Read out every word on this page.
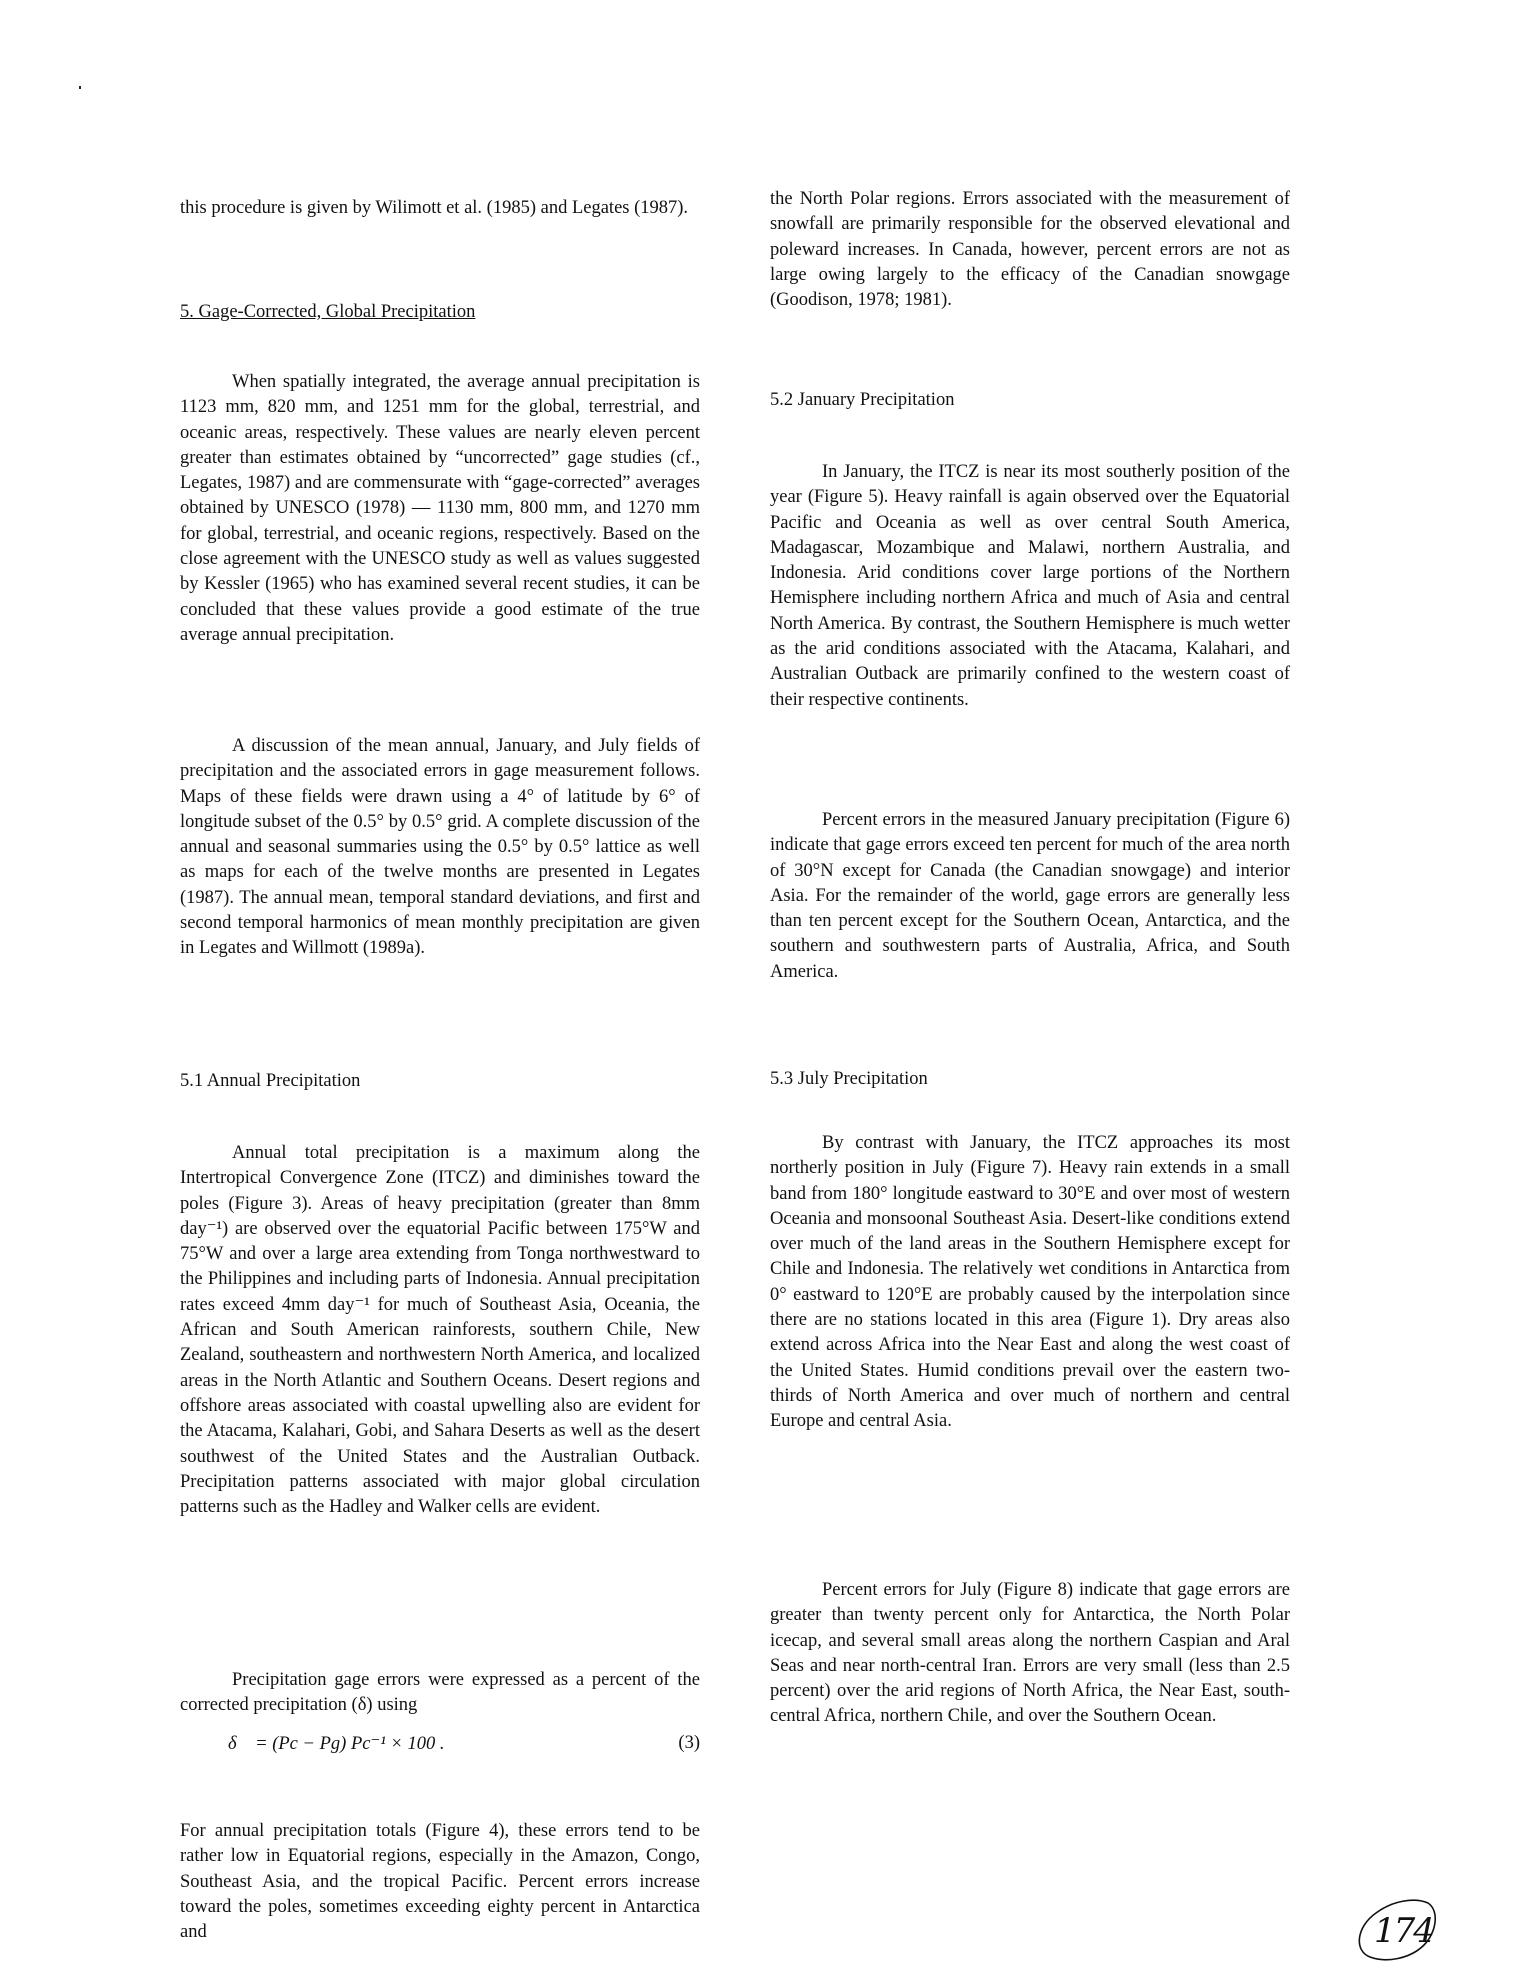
this procedure is given by Wilimott et al. (1985) and Legates (1987).

5. Gage-Corrected, Global Precipitation

When spatially integrated, the average annual precipitation is 1123 mm, 820 mm, and 1251 mm for the global, terrestrial, and oceanic areas, respectively. These values are nearly eleven percent greater than estimates obtained by “uncorrected” gage studies (cf., Legates, 1987) and are commensurate with “gage-corrected” averages obtained by UNESCO (1978) — 1130 mm, 800 mm, and 1270 mm for global, terrestrial, and oceanic regions, respectively. Based on the close agreement with the UNESCO study as well as values suggested by Kessler (1965) who has examined several recent studies, it can be concluded that these values provide a good estimate of the true average annual precipitation.

A discussion of the mean annual, January, and July fields of precipitation and the associated errors in gage measurement follows. Maps of these fields were drawn using a 4° of latitude by 6° of longitude subset of the 0.5° by 0.5° grid. A complete discussion of the annual and seasonal summaries using the 0.5° by 0.5° lattice as well as maps for each of the twelve months are presented in Legates (1987). The annual mean, temporal standard deviations, and first and second temporal harmonics of mean monthly precipitation are given in Legates and Willmott (1989a).

5.1 Annual Precipitation

Annual total precipitation is a maximum along the Intertropical Convergence Zone (ITCZ) and diminishes toward the poles (Figure 3). Areas of heavy precipitation (greater than 8mm day⁻¹) are observed over the equatorial Pacific between 175°W and 75°W and over a large area extending from Tonga northwestward to the Philippines and including parts of Indonesia. Annual precipitation rates exceed 4mm day⁻¹ for much of Southeast Asia, Oceania, the African and South American rainforests, southern Chile, New Zealand, southeastern and northwestern North America, and localized areas in the North Atlantic and Southern Oceans. Desert regions and offshore areas associated with coastal upwelling also are evident for the Atacama, Kalahari, Gobi, and Sahara Deserts as well as the desert southwest of the United States and the Australian Outback. Precipitation patterns associated with major global circulation patterns such as the Hadley and Walker cells are evident.

Precipitation gage errors were expressed as a percent of the corrected precipitation (δ) using

For annual precipitation totals (Figure 4), these errors tend to be rather low in Equatorial regions, especially in the Amazon, Congo, Southeast Asia, and the tropical Pacific. Percent errors increase toward the poles, sometimes exceeding eighty percent in Antarctica and

δ = (Pc − Pg) Pc⁻¹ × 100 .	(3)

the North Polar regions. Errors associated with the measurement of snowfall are primarily responsible for the observed elevational and poleward increases. In Canada, however, percent errors are not as large owing largely to the efficacy of the Canadian snowgage (Goodison, 1978; 1981).

5.2 January Precipitation

In January, the ITCZ is near its most southerly position of the year (Figure 5). Heavy rainfall is again observed over the Equatorial Pacific and Oceania as well as over central South America, Madagascar, Mozambique and Malawi, northern Australia, and Indonesia. Arid conditions cover large portions of the Northern Hemisphere including northern Africa and much of Asia and central North America. By contrast, the Southern Hemisphere is much wetter as the arid conditions associated with the Atacama, Kalahari, and Australian Outback are primarily confined to the western coast of their respective continents.

Percent errors in the measured January precipitation (Figure 6) indicate that gage errors exceed ten percent for much of the area north of 30°N except for Canada (the Canadian snowgage) and interior Asia. For the remainder of the world, gage errors are generally less than ten percent except for the Southern Ocean, Antarctica, and the southern and southwestern parts of Australia, Africa, and South America.

5.3 July Precipitation

By contrast with January, the ITCZ approaches its most northerly position in July (Figure 7). Heavy rain extends in a small band from 180° longitude eastward to 30°E and over most of western Oceania and monsoonal Southeast Asia. Desert-like conditions extend over much of the land areas in the Southern Hemisphere except for Chile and Indonesia. The relatively wet conditions in Antarctica from 0° eastward to 120°E are probably caused by the interpolation since there are no stations located in this area (Figure 1). Dry areas also extend across Africa into the Near East and along the west coast of the United States. Humid conditions prevail over the eastern two-thirds of North America and over much of northern and central Europe and central Asia.

Percent errors for July (Figure 8) indicate that gage errors are greater than twenty percent only for Antarctica, the North Polar icecap, and several small areas along the northern Caspian and Aral Seas and near north-central Iran. Errors are very small (less than 2.5 percent) over the arid regions of North Africa, the Near East, south-central Africa, northern Chile, and over the Southern Ocean.

174
